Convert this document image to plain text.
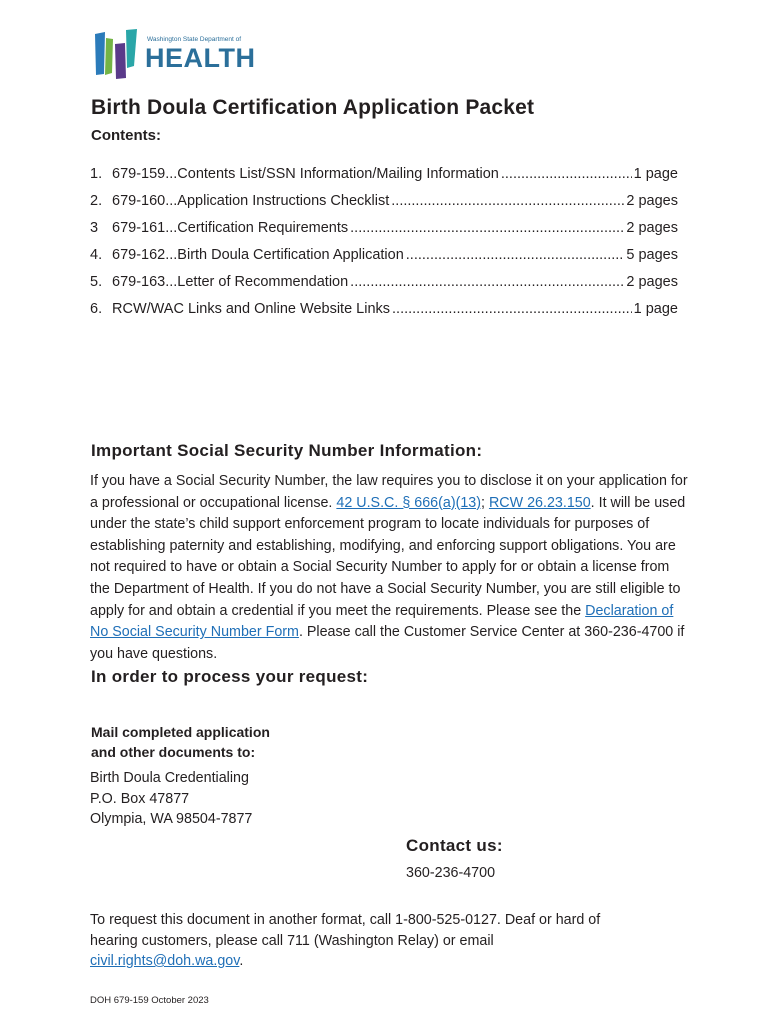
Washington State Department of
HEALTH
Birth Doula Certification Application Packet
Contents:
1. 679-159...Contents List/SSN Information/Mailing Information .....	1 page
2. 679-160...Application Instructions Checklist .....	2 pages
3 679-161...Certification Requirements .....	2 pages
4. 679-162...Birth Doula Certification Application .....	5 pages
5. 679-163...Letter of Recommendation .....	2 pages
6. RCW/WAC Links and Online Website Links .....	1 page
Important Social Security Number Information:

If you have a Social Security Number, the law requires you to disclose it on your application for a professional or occupational license. 42 U.S.C. § 666(a)(13); RCW 26.23.150. It will be used under the state’s child support enforcement program to locate individuals for purposes of establishing paternity and establishing, modifying, and enforcing support obligations. You are not required to have or obtain a Social Security Number to apply for or obtain a license from the Department of Health. If you do not have a Social Security Number, you are still eligible to apply for and obtain a credential if you meet the requirements. Please see the Declaration of No Social Security Number Form. Please call the Customer Service Center at 360-236-4700 if you have questions.

In order to process your request:

Mail completed application
and other documents to:

Birth Doula Credentialing
P.O. Box 47877
Olympia, WA 98504-7877

Contact us:
360-236-4700

To request this document in another format, call 1-800-525-0127. Deaf or hard of hearing customers, please call 711 (Washington Relay) or email civil.rights@doh.wa.gov.

DOH 679-159 October 2023
